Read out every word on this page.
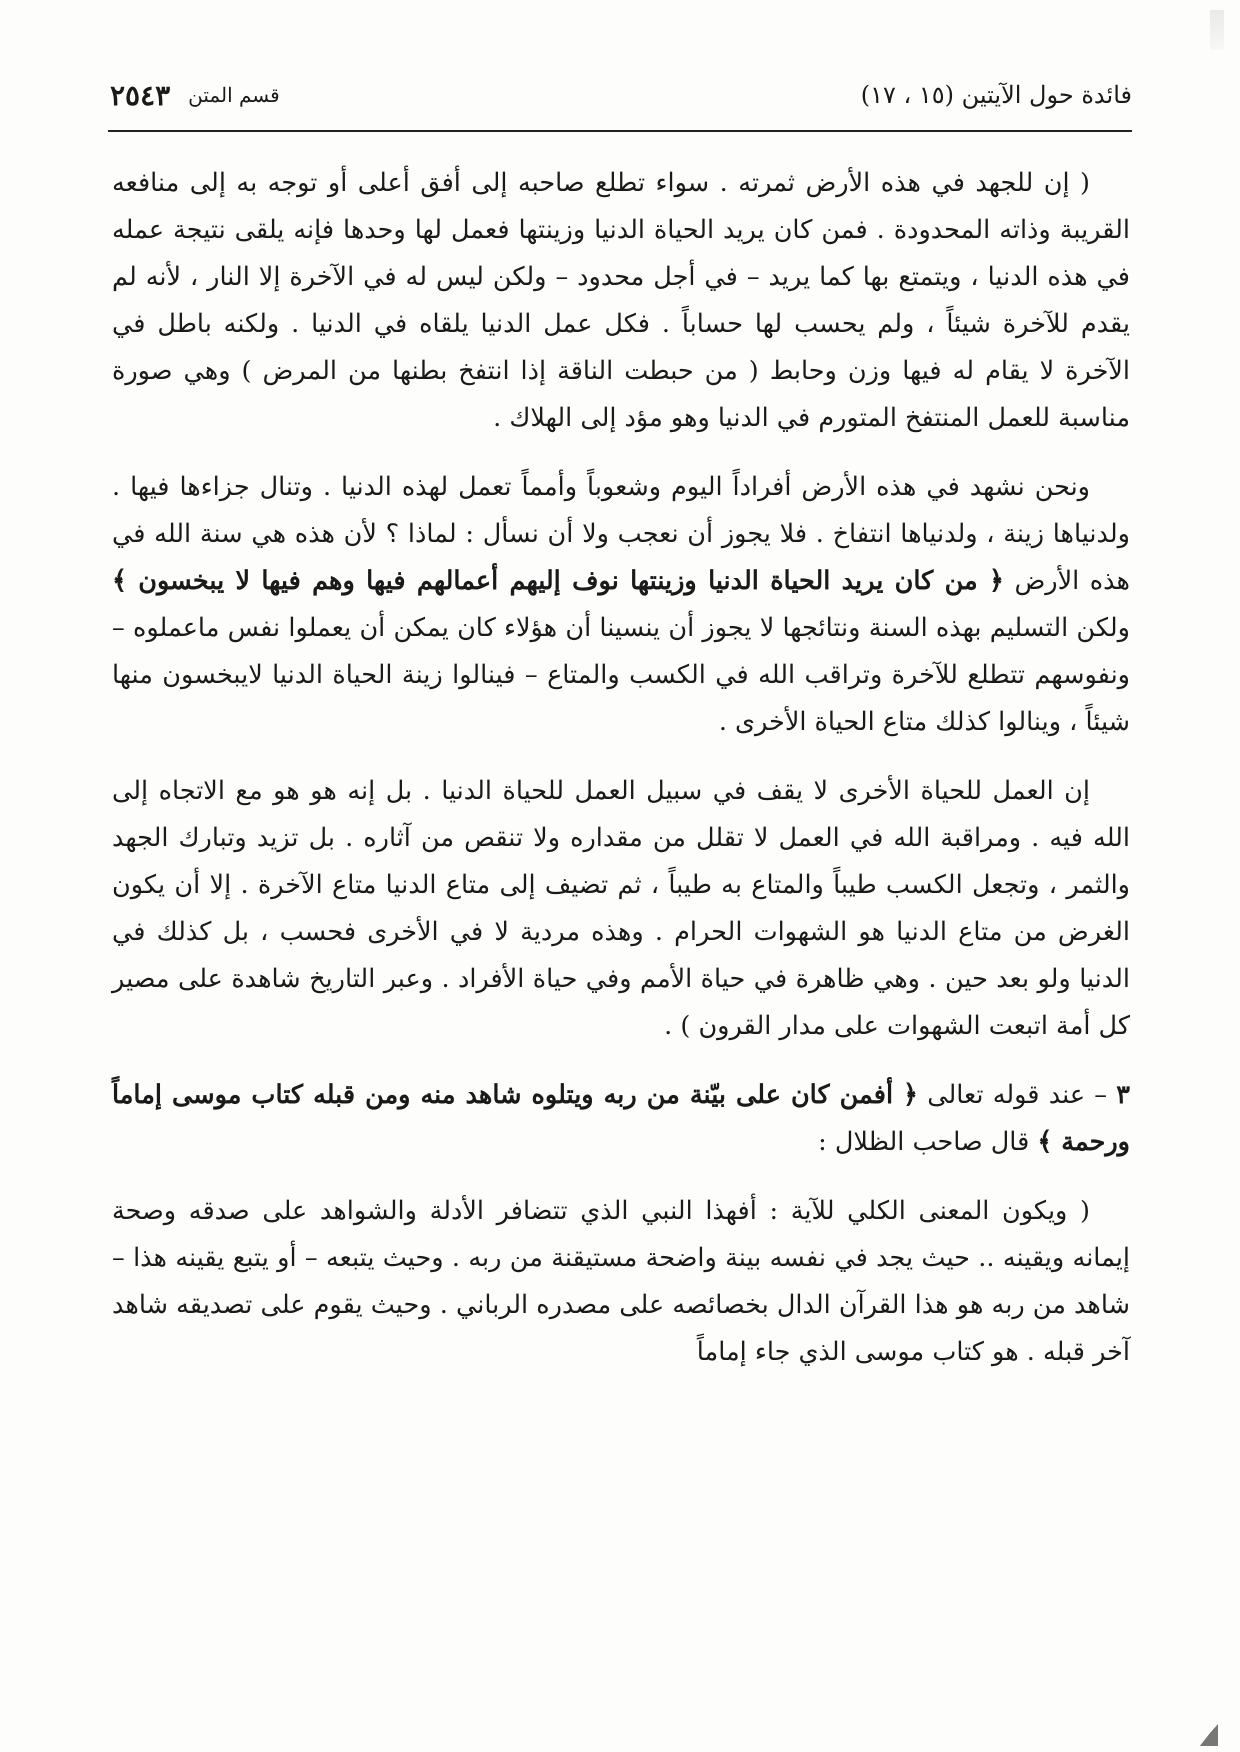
فائدة حول الآيتين (١٥ ، ١٧)
قسم المتن
٢٥٤٣

( إن للجهد في هذه الأرض ثمرته . سواء تطلع صاحبه إلى أفق أعلى أو توجه به إلى منافعه القريبة وذاته المحدودة . فمن كان يريد الحياة الدنيا وزينتها فعمل لها وحدها فإنه يلقى نتيجة عمله في هذه الدنيا ، ويتمتع بها كما يريد – في أجل محدود – ولكن ليس له في الآخرة إلا النار ، لأنه لم يقدم للآخرة شيئاً ، ولم يحسب لها حساباً . فكل عمل الدنيا يلقاه في الدنيا . ولكنه باطل في الآخرة لا يقام له فيها وزن وحابط ( من حبطت الناقة إذا انتفخ بطنها من المرض ) وهي صورة مناسبة للعمل المنتفخ المتورم في الدنيا وهو مؤد إلى الهلاك .

ونحن نشهد في هذه الأرض أفراداً اليوم وشعوباً وأمماً تعمل لهذه الدنيا . وتنال جزاءها فيها . ولدنياها زينة ، ولدنياها انتفاخ . فلا يجوز أن نعجب ولا أن نسأل : لماذا ؟ لأن هذه هي سنة الله في هذه الأرض ﴿ من كان يريد الحياة الدنيا وزينتها نوف إليهم أعمالهم فيها وهم فيها لا يبخسون ﴾ ولكن التسليم بهذه السنة ونتائجها لا يجوز أن ينسينا أن هؤلاء كان يمكن أن يعملوا نفس ماعملوه – ونفوسهم تتطلع للآخرة وتراقب الله في الكسب والمتاع – فينالوا زينة الحياة الدنيا لايبخسون منها شيئاً ، وينالوا كذلك متاع الحياة الأخرى .

إن العمل للحياة الأخرى لا يقف في سبيل العمل للحياة الدنيا . بل إنه هو هو مع الاتجاه إلى الله فيه . ومراقبة الله في العمل لا تقلل من مقداره ولا تنقص من آثاره . بل تزيد وتبارك الجهد والثمر ، وتجعل الكسب طيباً والمتاع به طيباً ، ثم تضيف إلى متاع الدنيا متاع الآخرة . إلا أن يكون الغرض من متاع الدنيا هو الشهوات الحرام . وهذه مردية لا في الأخرى فحسب ، بل كذلك في الدنيا ولو بعد حين . وهي ظاهرة في حياة الأمم وفي حياة الأفراد . وعبر التاريخ شاهدة على مصير كل أمة اتبعت الشهوات على مدار القرون ) .

٣ – عند قوله تعالى ﴿ أفمن كان على بيّنة من ربه ويتلوه شاهد منه ومن قبله كتاب موسى إماماً ورحمة ﴾ قال صاحب الظلال :

( ويكون المعنى الكلي للآية : أفهذا النبي الذي تتضافر الأدلة والشواهد على صدقه وصحة إيمانه ويقينه .. حيث يجد في نفسه بينة واضحة مستيقنة من ربه . وحيث يتبعه – أو يتبع يقينه هذا – شاهد من ربه هو هذا القرآن الدال بخصائصه على مصدره الرباني . وحيث يقوم على تصديقه شاهد آخر قبله . هو كتاب موسى الذي جاء إماماً
